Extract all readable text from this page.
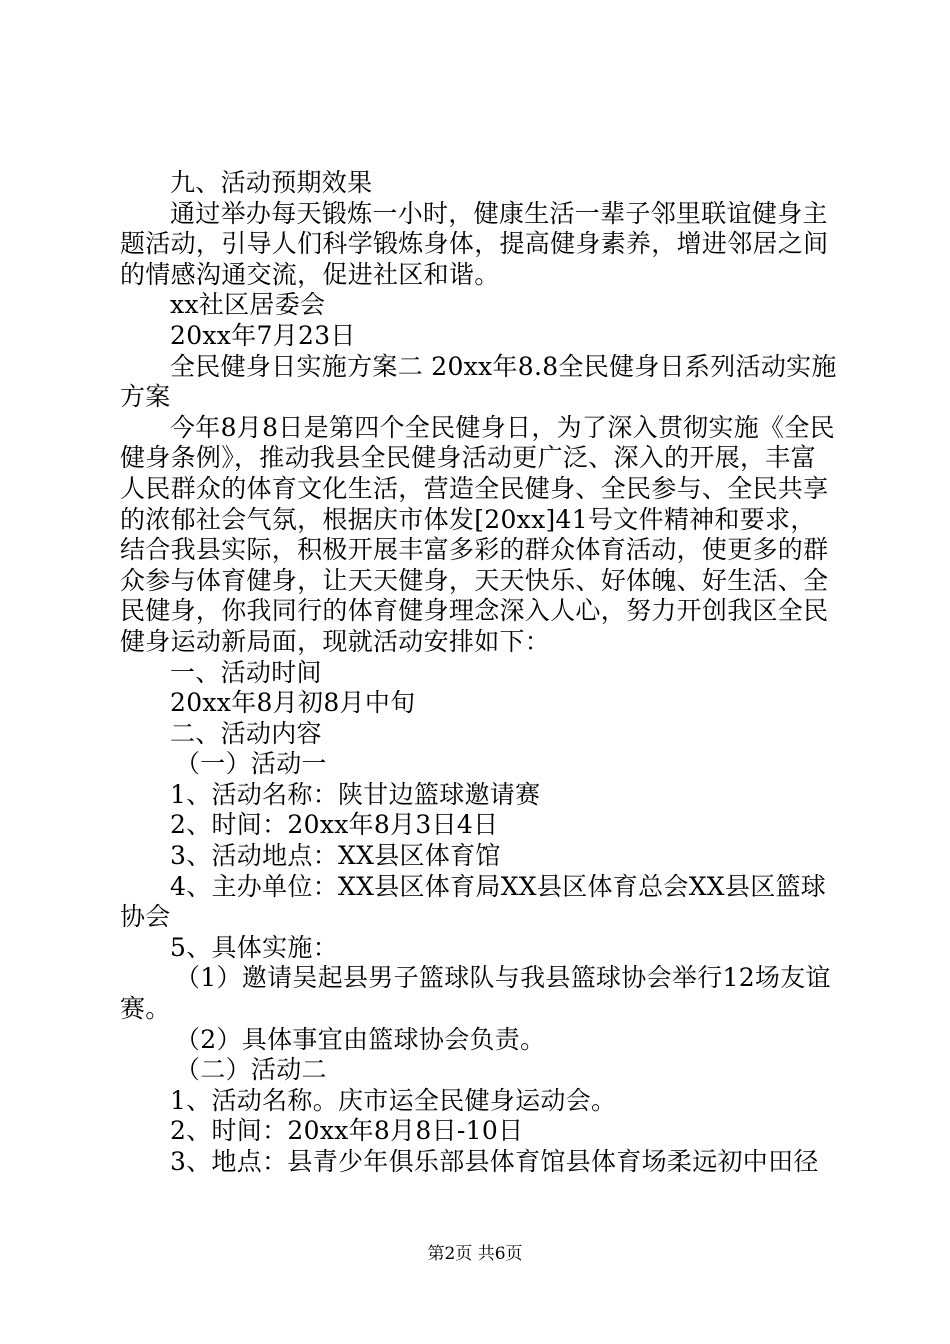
九、活动预期效果

通过举办每天锻炼一小时，健康生活一辈子邻里联谊健身主题活动，引导人们科学锻炼身体，提高健身素养，增进邻居之间的情感沟通交流，促进社区和谐。

xx社区居委会

20xx年7月23日

全民健身日实施方案二 20xx年8.8全民健身日系列活动实施方案

今年8月8日是第四个全民健身日，为了深入贯彻实施《全民健身条例》，推动我县全民健身活动更广泛、深入的开展，丰富人民群众的体育文化生活，营造全民健身、全民参与、全民共享的浓郁社会气氛，根据庆市体发[20xx]41号文件精神和要求，结合我县实际，积极开展丰富多彩的群众体育活动，使更多的群众参与体育健身，让天天健身，天天快乐、好体魄、好生活、全民健身，你我同行的体育健身理念深入人心，努力开创我区全民健身运动新局面，现就活动安排如下：

一、活动时间

20xx年8月初8月中旬

二、活动内容

（一）活动一

1、活动名称：陕甘边篮球邀请赛

2、时间：20xx年8月3日4日

3、活动地点：XX县区体育馆

4、主办单位：XX县区体育局XX县区体育总会XX县区篮球协会

5、具体实施：

（1）邀请吴起县男子篮球队与我县篮球协会举行12场友谊赛。

（2）具体事宜由篮球协会负责。

（二）活动二

1、活动名称。庆市运全民健身运动会。

2、时间：20xx年8月8日-10日

3、地点：县青少年俱乐部县体育馆县体育场柔远初中田径

第2页 共6页
